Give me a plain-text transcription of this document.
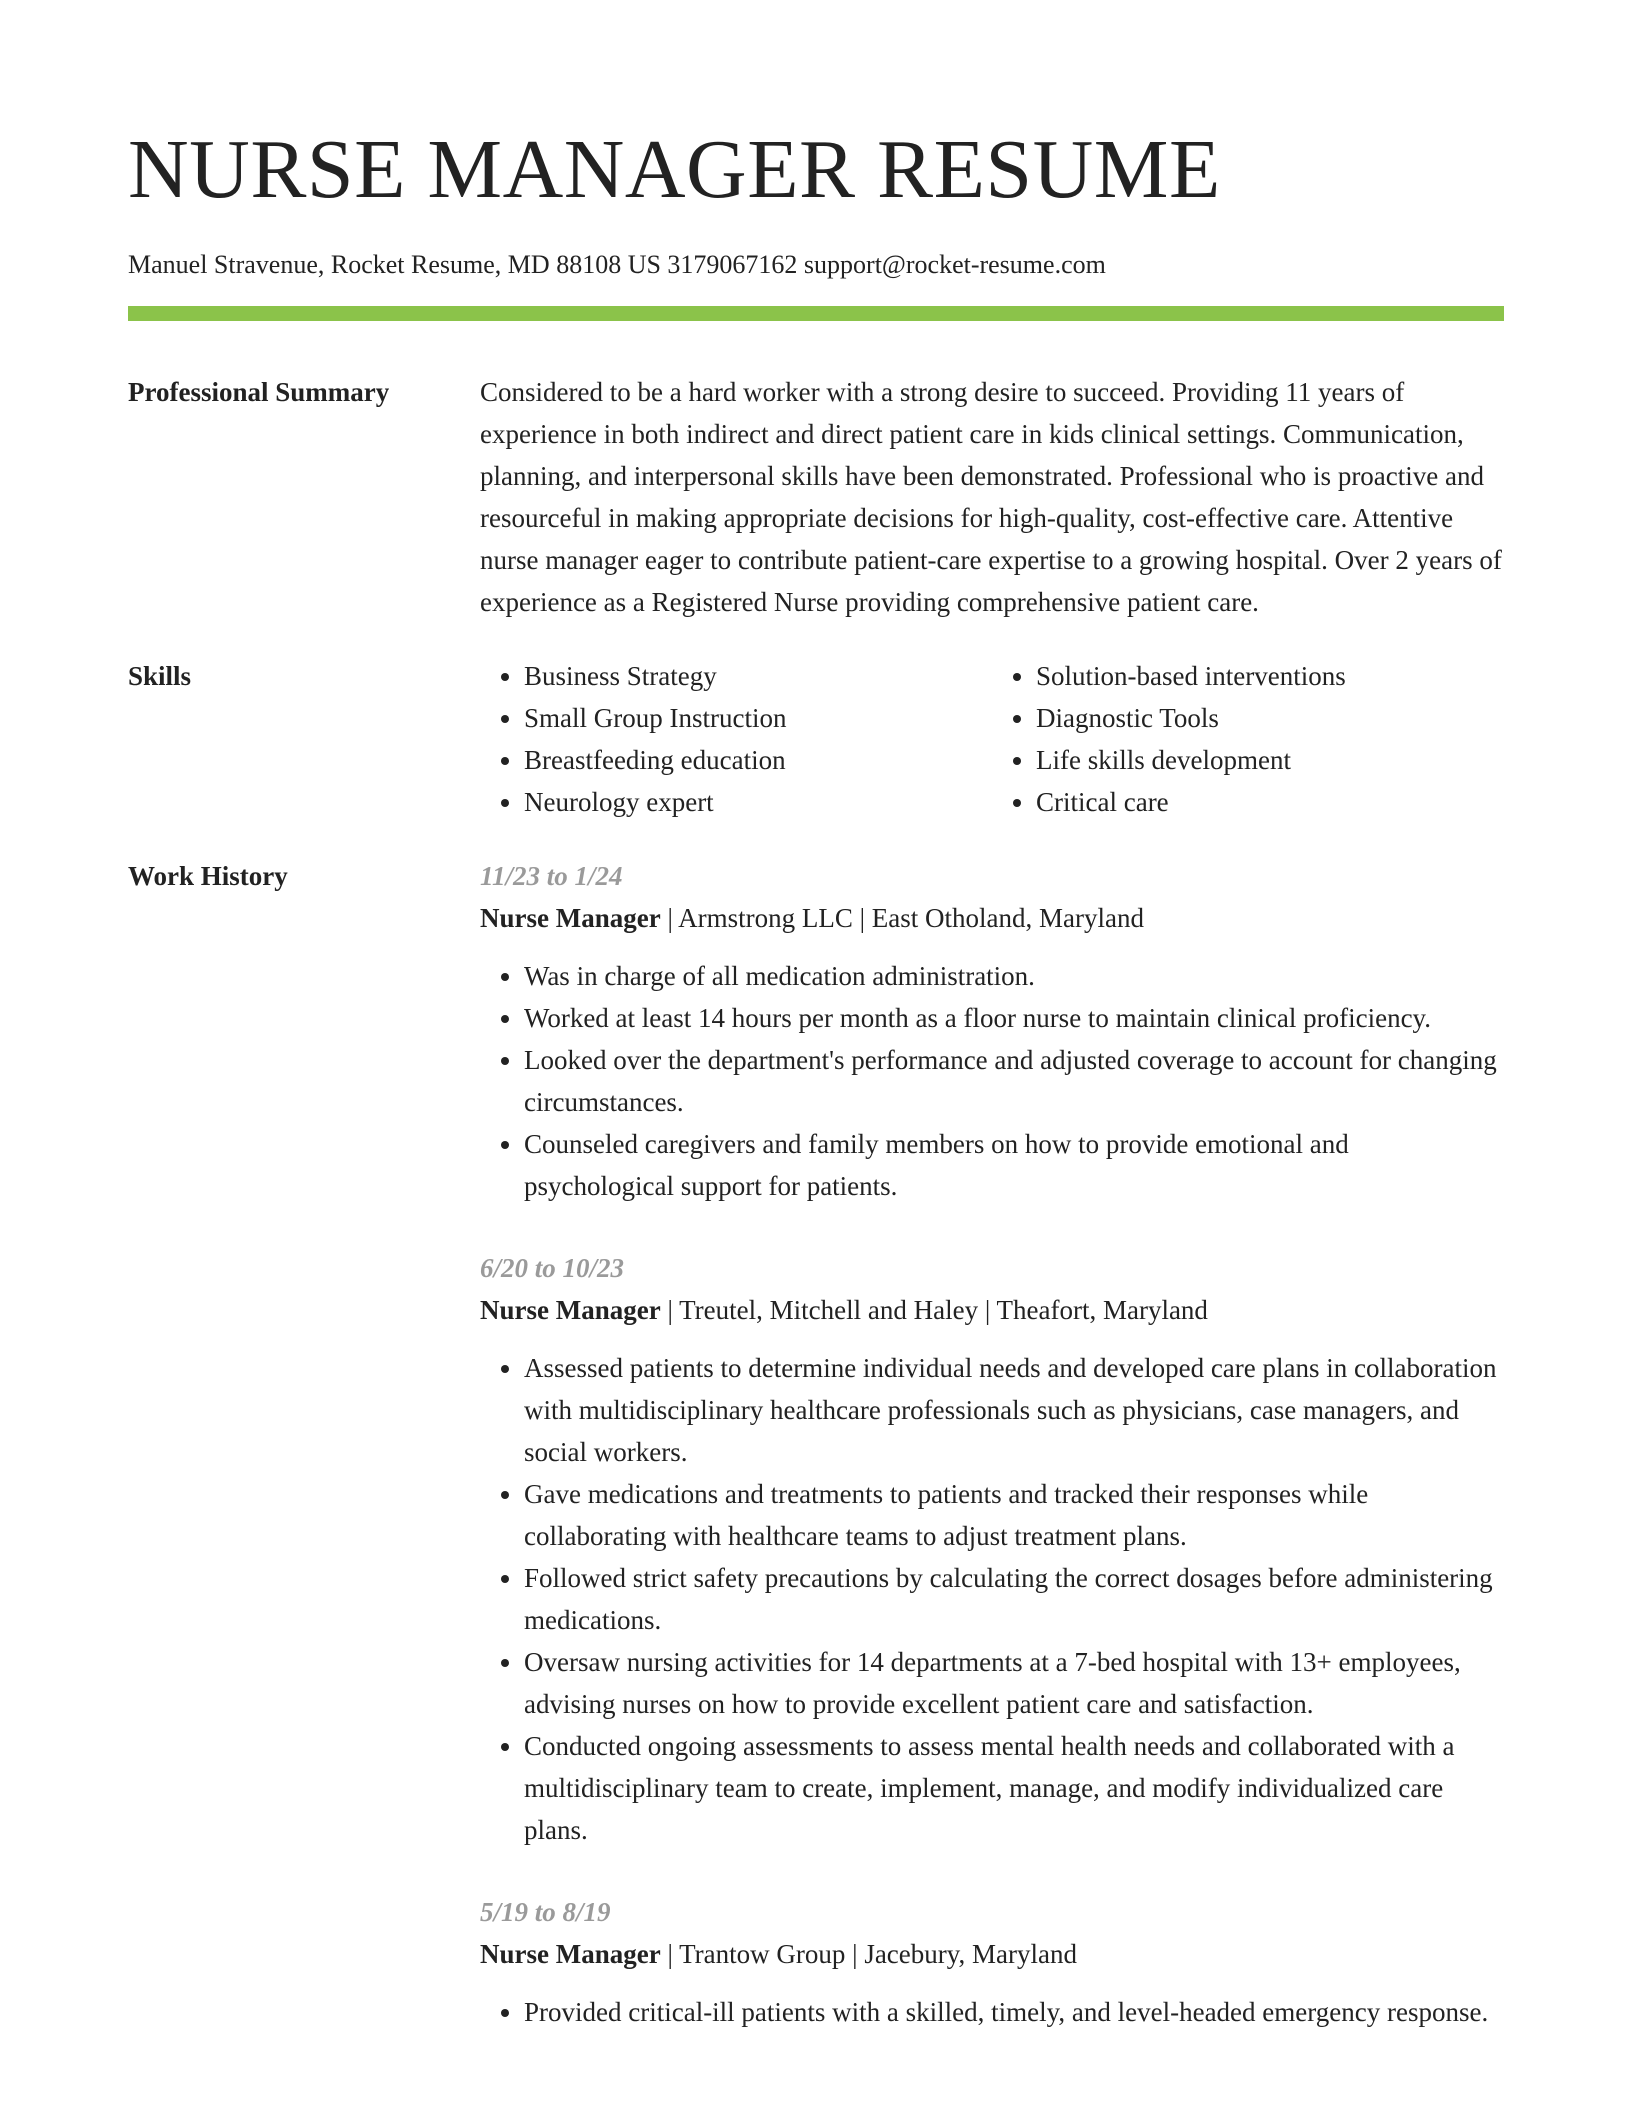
NURSE MANAGER RESUME
Manuel Stravenue, Rocket Resume, MD 88108 US 3179067162 support@rocket-resume.com
Professional Summary	Considered to be a hard worker with a strong desire to succeed. Providing 11 years of experience in both indirect and direct patient care in kids clinical settings. Communication, planning, and interpersonal skills have been demonstrated. Professional who is proactive and resourceful in making appropriate decisions for high-quality, cost-effective care. Attentive nurse manager eager to contribute patient-care expertise to a growing hospital. Over 2 years of experience as a Registered Nurse providing comprehensive patient care.

Skills
•	Business Strategy
• Small Group Instruction
• Breastfeeding education
• Neurology expert
• Solution-based interventions
• Diagnostic Tools
• Life skills development
• Critical care
Work History	11/23 to 1/24
Nurse Manager | Armstrong LLC | East Otholand, Maryland
• Was in charge of all medication administration.
• Worked at least 14 hours per month as a floor nurse to maintain clinical proficiency.
• Looked over the department's performance and adjusted coverage to account for changing circumstances.
• Counseled caregivers and family members on how to provide emotional and psychological support for patients.
6/20 to 10/23
Nurse Manager | Treutel, Mitchell and Haley | Theafort, Maryland
• Assessed patients to determine individual needs and developed care plans in collaboration with multidisciplinary healthcare professionals such as physicians, case managers, and social workers.
• Gave medications and treatments to patients and tracked their responses while collaborating with healthcare teams to adjust treatment plans.
• Followed strict safety precautions by calculating the correct dosages before administering medications.
• Oversaw nursing activities for 14 departments at a 7-bed hospital with 13+ employees, advising nurses on how to provide excellent patient care and satisfaction.
• Conducted ongoing assessments to assess mental health needs and collaborated with a multidisciplinary team to create, implement, manage, and modify individualized care plans.
5/19 to 8/19
Nurse Manager | Trantow Group | Jacebury, Maryland
• Provided critical-ill patients with a skilled, timely, and level-headed emergency response.
